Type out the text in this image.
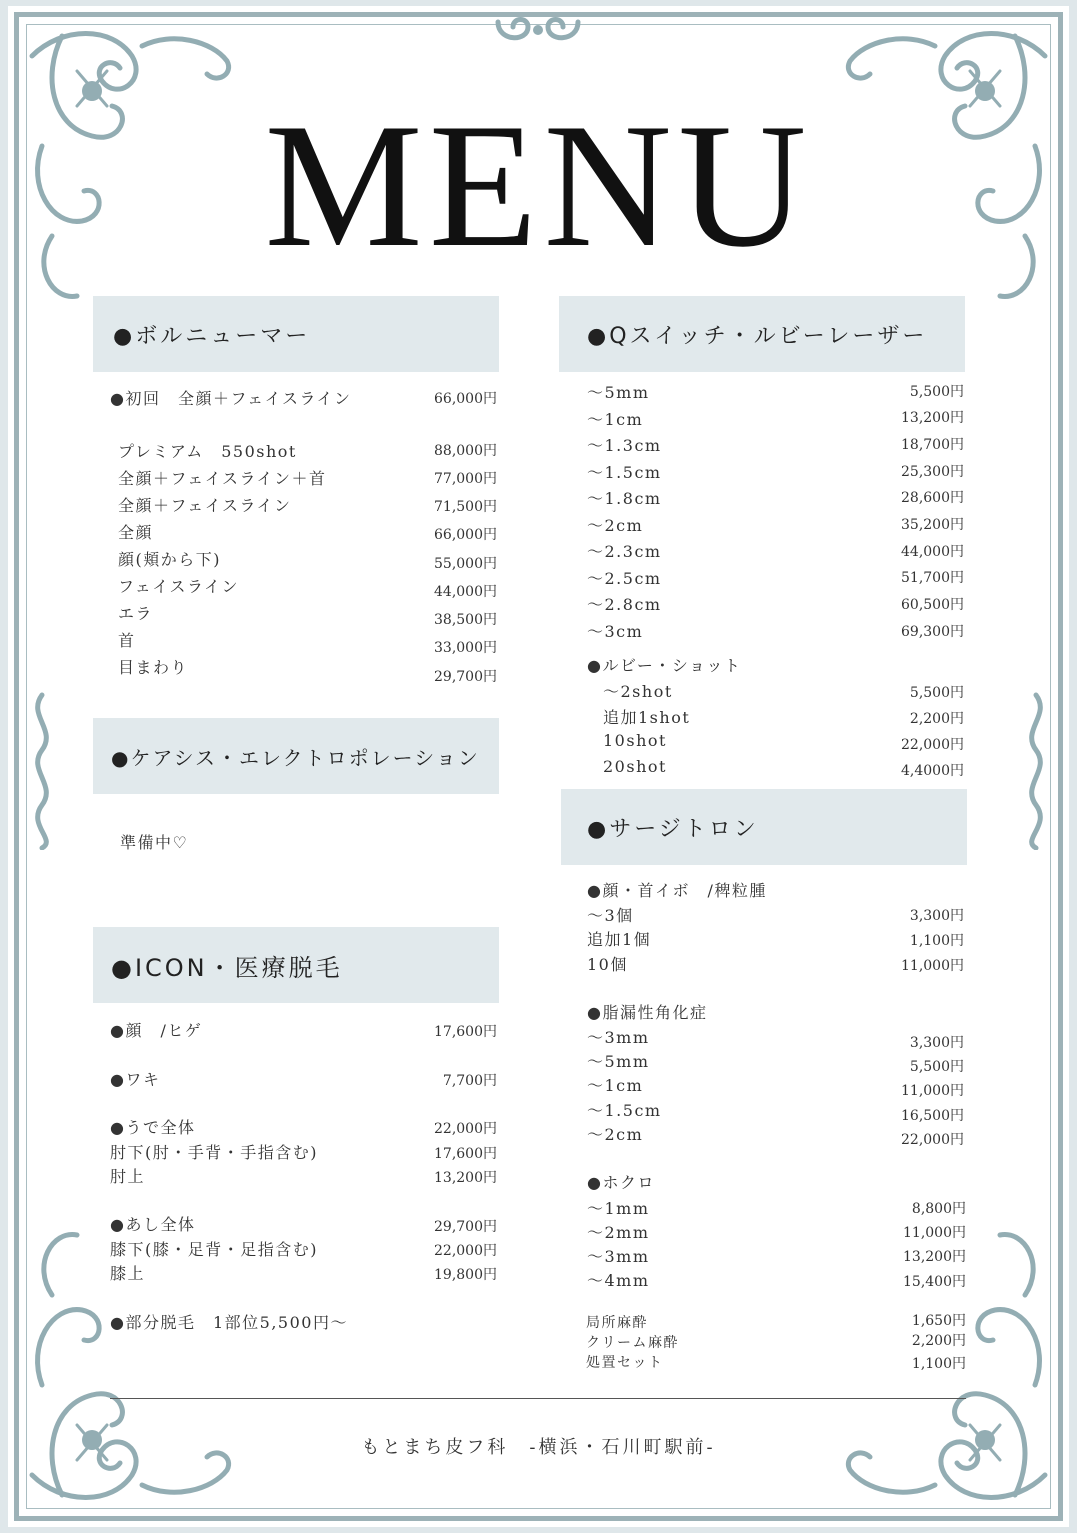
MENU
●ボルニューマー
●初回　全顔＋フェイスライン	66,000円
プレミアム　550shot	88,000円
全顔＋フェイスライン＋首	77,000円
全顔＋フェイスライン	71,500円
全顔	66,000円
顔(頬から下)	55,000円
フェイスライン	44,000円
エラ	38,500円
首	33,000円
目まわり	29,700円
●ケアシス・エレクトロポレーション
準備中♡
●ICON・医療脱毛
●顔　/ヒゲ	17,600円
●ワキ	7,700円
●うで全体	22,000円
肘下(肘・手背・手指含む)	17,600円
肘上	13,200円
●あし全体	29,700円
膝下(膝・足背・足指含む)	22,000円
膝上	19,800円
●部分脱毛　1部位5,500円～
●Qスイッチ・ルビーレーザー
～5mm	5,500円
～1cm	13,200円
～1.3cm	18,700円
～1.5cm	25,300円
～1.8cm	28,600円
～2cm	35,200円
～2.3cm	44,000円
～2.5cm	51,700円
～2.8cm	60,500円
～3cm	69,300円
●ルビー・ショット
～2shot	5,500円
追加1shot	2,200円
10shot	22,000円
20shot	4,4000円
●サージトロン
●顔・首イボ　/稗粒腫
～3個	3,300円
追加1個	1,100円
10個	11,000円
●脂漏性角化症
～3mm	3,300円
～5mm	5,500円
～1cm	11,000円
～1.5cm	16,500円
～2cm	22,000円
●ホクロ
～1mm	8,800円
～2mm	11,000円
～3mm	13,200円
～4mm	15,400円
局所麻酔	1,650円
クリーム麻酔	2,200円
処置セット	1,100円
もとまち皮フ科　-横浜・石川町駅前-
